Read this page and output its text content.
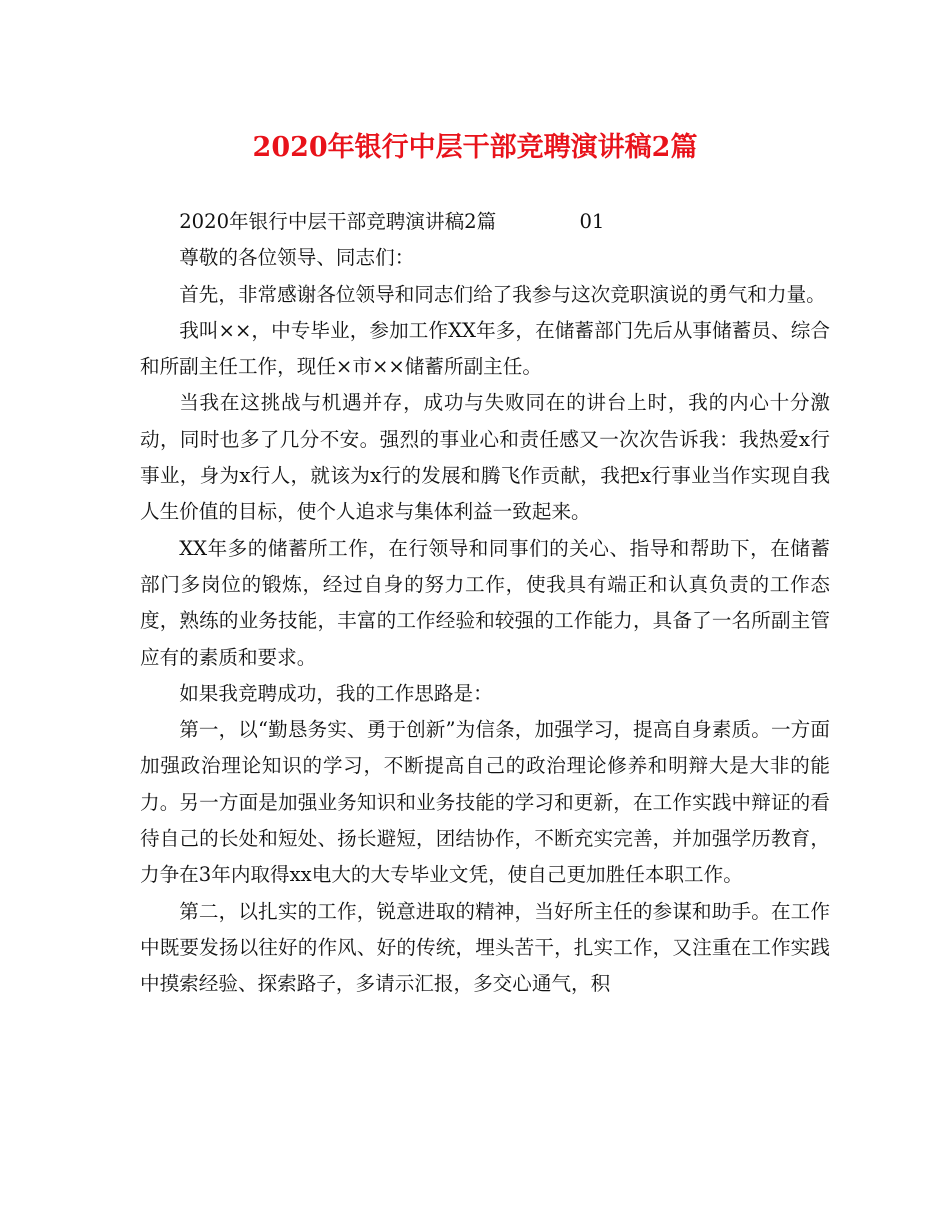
2020年银行中层干部竞聘演讲稿2篇

2020年银行中层干部竞聘演讲稿2篇	01

尊敬的各位领导、同志们：

首先，非常感谢各位领导和同志们给了我参与这次竞职演说的勇气和力量。

我叫××，中专毕业，参加工作XX年多，在储蓄部门先后从事储蓄员、综合和所副主任工作，现任×市××储蓄所副主任。

当我在这挑战与机遇并存，成功与失败同在的讲台上时，我的内心十分激动，同时也多了几分不安。强烈的事业心和责任感又一次次告诉我：我热爱x行事业，身为x行人，就该为x行的发展和腾飞作贡献，我把x行事业当作实现自我人生价值的目标，使个人追求与集体利益一致起来。

XX年多的储蓄所工作，在行领导和同事们的关心、指导和帮助下，在储蓄部门多岗位的锻炼，经过自身的努力工作，使我具有端正和认真负责的工作态度，熟练的业务技能，丰富的工作经验和较强的工作能力，具备了一名所副主管应有的素质和要求。

如果我竞聘成功，我的工作思路是：

第一，以“勤恳务实、勇于创新”为信条，加强学习，提高自身素质。一方面加强政治理论知识的学习，不断提高自己的政治理论修养和明辩大是大非的能力。另一方面是加强业务知识和业务技能的学习和更新，在工作实践中辩证的看待自己的长处和短处、扬长避短，团结协作，不断充实完善，并加强学历教育，力争在3年内取得xx电大的大专毕业文凭，使自己更加胜任本职工作。

第二，以扎实的工作，锐意进取的精神，当好所主任的参谋和助手。在工作中既要发扬以往好的作风、好的传统，埋头苦干，扎实工作，又注重在工作实践中摸索经验、探索路子，多请示汇报，多交心通气，积
